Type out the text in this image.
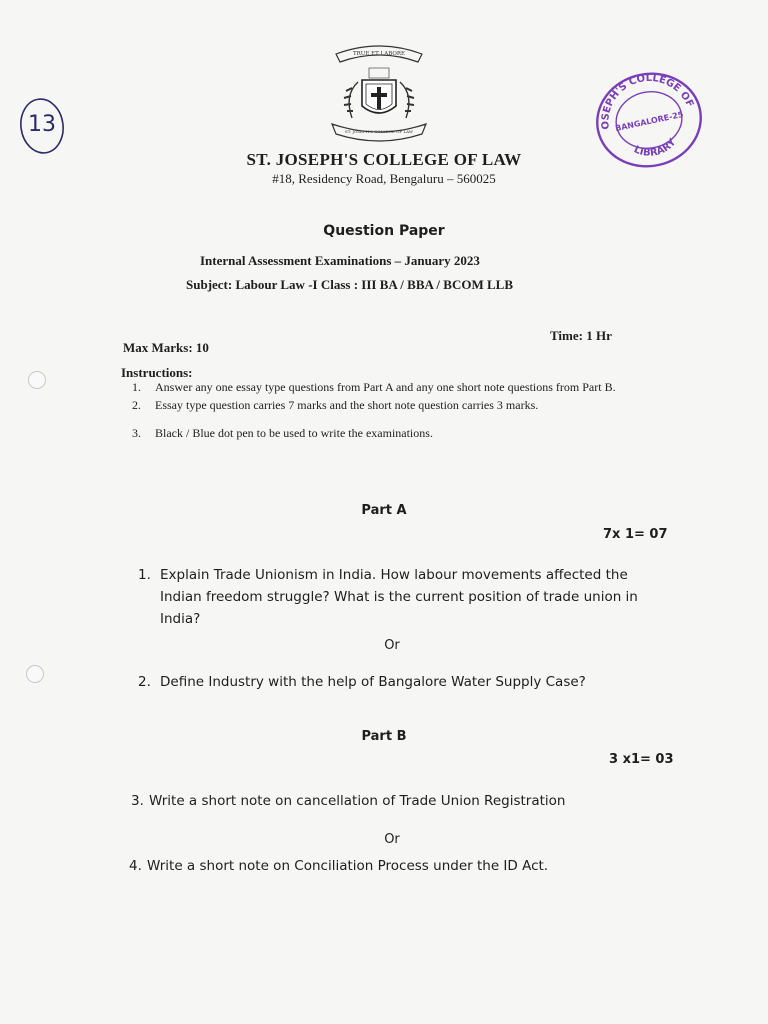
13
TRUE ET LABORE
ST. JOSEPH'S COLLEGE OF LAW
JOSEPH'S COLLEGE OF
BANGALORE-25
LIBRARY
ST. JOSEPH'S COLLEGE OF LAW
#18, Residency Road, Bengaluru – 560025
Question Paper
Internal Assessment Examinations – January 2023
Subject: Labour Law -I Class : III BA / BBA / BCOM LLB
Max Marks: 10
Time: 1 Hr
Instructions:
1. Answer any one essay type questions from Part A and any one short note questions from Part B.
2. Essay type question carries 7 marks and the short note question carries 3 marks.
3. Black / Blue dot pen to be used to write the examinations.
Part A
7x 1= 07
1. Explain Trade Unionism in India. How labour movements affected the
Indian freedom struggle? What is the current position of trade union in
India?
Or
2. Define Industry with the help of Bangalore Water Supply Case?
Part B
3 x1= 03
3. Write a short note on cancellation of Trade Union Registration
Or
4. Write a short note on Conciliation Process under the ID Act.
